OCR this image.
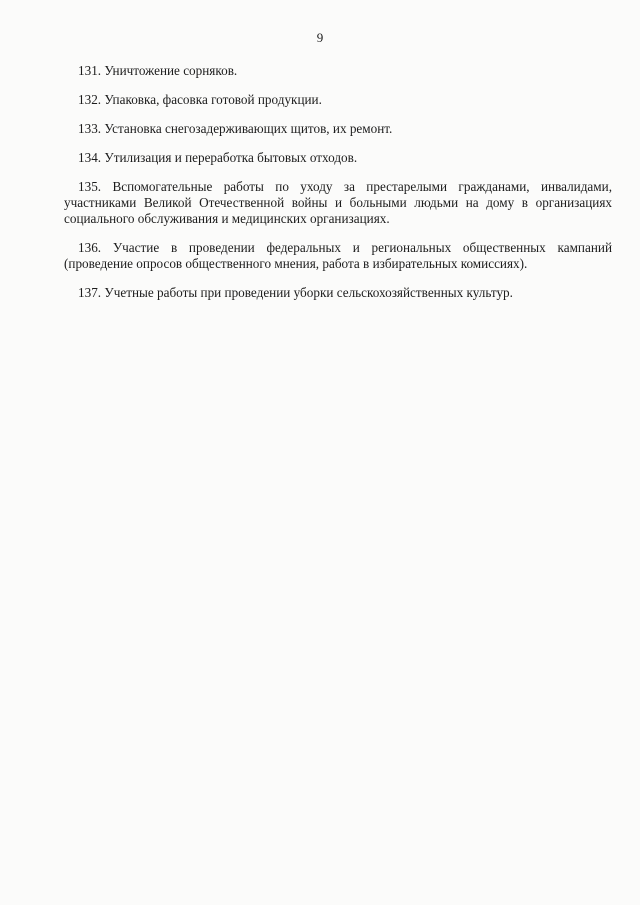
9

131. Уничтожение сорняков.

132. Упаковка, фасовка готовой продукции.

133. Установка снегозадерживающих щитов, их ремонт.

134. Утилизация и переработка бытовых отходов.

135. Вспомогательные работы по уходу за престарелыми гражданами, инвалидами, участниками Великой Отечественной войны и больными людьми на дому в организациях социального обслуживания и медицинских организациях.

136. Участие в проведении федеральных и региональных общественных кампаний (проведение опросов общественного мнения, работа в избирательных комиссиях).

137. Учетные работы при проведении уборки сельскохозяйственных культур.
